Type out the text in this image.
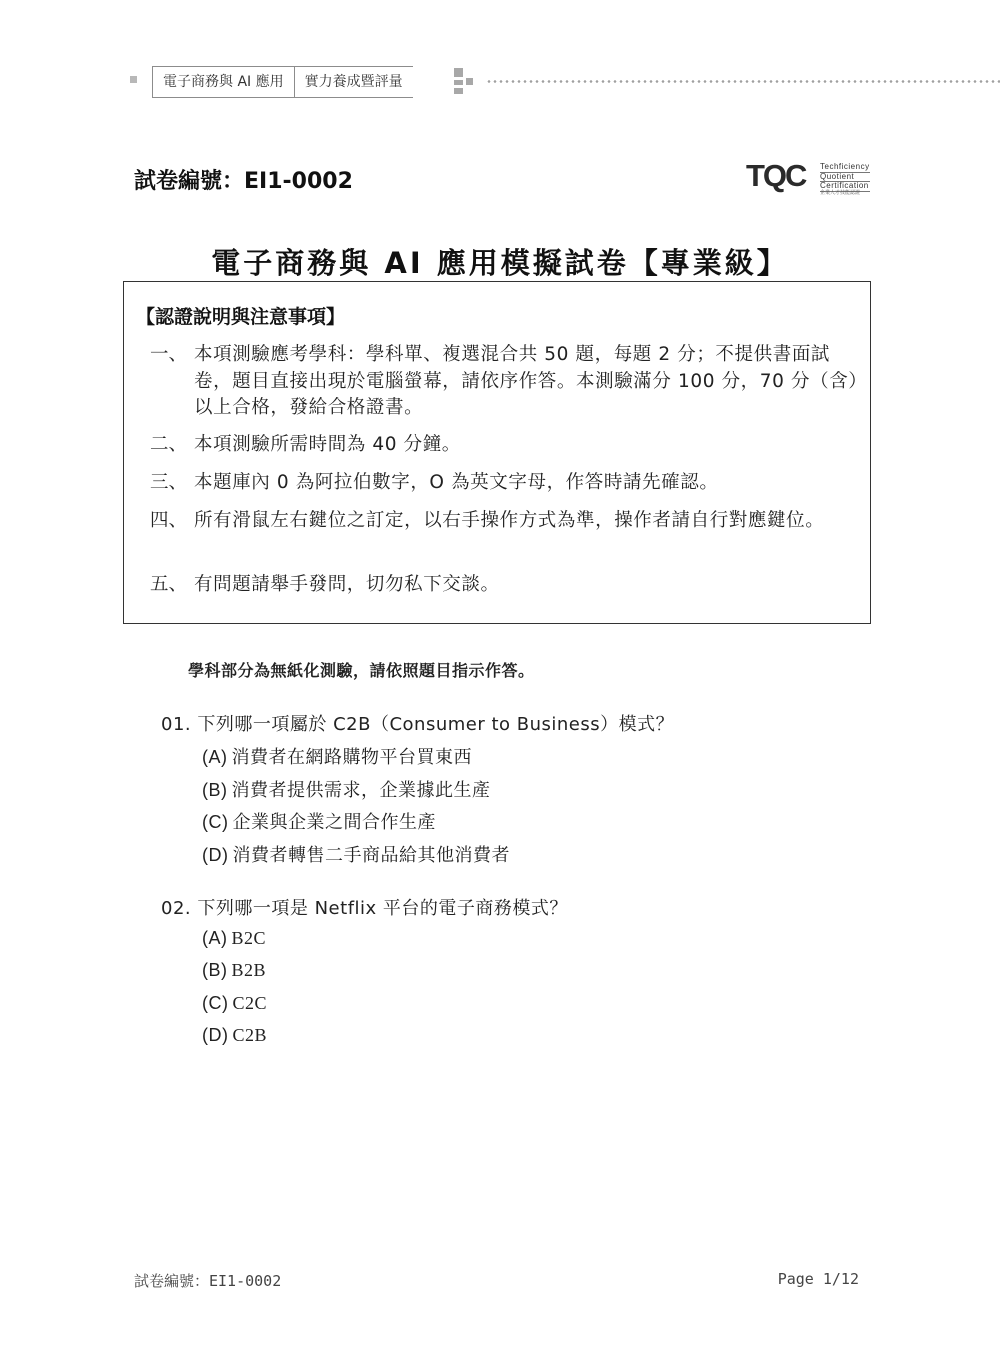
電子商務與 AI 應用	實力養成暨評量
試卷編號：EI1-0002	TQC Techficiency
Quotient
Certification
企業人才技能認證
電子商務與 AI 應用模擬試卷【專業級】
【認證說明與注意事項】
一、 本項測驗應考學科：學科單、複選混合共 50 題，每題 2 分；不提供書面試卷，題目直接出現於電腦螢幕，請依序作答。本測驗滿分 100 分，70 分（含）以上合格，發給合格證書。
二、 本項測驗所需時間為 40 分鐘。
三、 本題庫內 0 為阿拉伯數字，O 為英文字母，作答時請先確認。
四、 所有滑鼠左右鍵位之訂定，以右手操作方式為準，操作者請自行對應鍵位。
五、 有問題請舉手發問，切勿私下交談。
學科部分為無紙化測驗，請依照題目指示作答。
01. 下列哪一項屬於 C2B（Consumer to Business）模式？
(A) 消費者在網路購物平台買東西
(B) 消費者提供需求，企業據此生產
(C) 企業與企業之間合作生產
(D) 消費者轉售二手商品給其他消費者
02. 下列哪一項是 Netflix 平台的電子商務模式？
(A) B2C
(B) B2B
(C) C2C
(D) C2B
試卷編號：EI1-0002	Page 1/12
